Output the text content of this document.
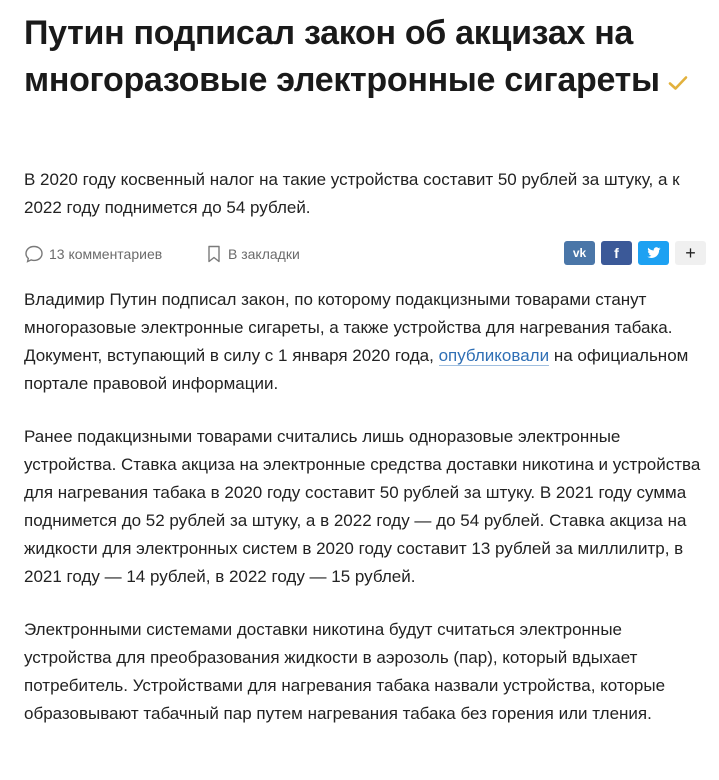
Путин подписал закон об акцизах на многоразовые электронные сигареты

В 2020 году косвенный налог на такие устройства составит 50 рублей за штуку, а к 2022 году поднимется до 54 рублей.

13 комментариев	В закладки	vk f	+

Владимир Путин подписал закон, по которому подакцизными товарами станут многоразовые электронные сигареты, а также устройства для нагревания табака. Документ, вступающий в силу с 1 января 2020 года, опубликовали на официальном портале правовой информации.

Ранее подакцизными товарами считались лишь одноразовые электронные устройства. Ставка акциза на электронные средства доставки никотина и устройства для нагревания табака в 2020 году составит 50 рублей за штуку. В 2021 году сумма поднимется до 52 рублей за штуку, а в 2022 году — до 54 рублей. Ставка акциза на жидкости для электронных систем в 2020 году составит 13 рублей за миллилитр, в 2021 году — 14 рублей, в 2022 году — 15 рублей.

Электронными системами доставки никотина будут считаться электронные устройства для преобразования жидкости в аэрозоль (пар), который вдыхает потребитель. Устройствами для нагревания табака назвали устройства, которые образовывают табачный пар путем нагревания табака без горения или тления.
